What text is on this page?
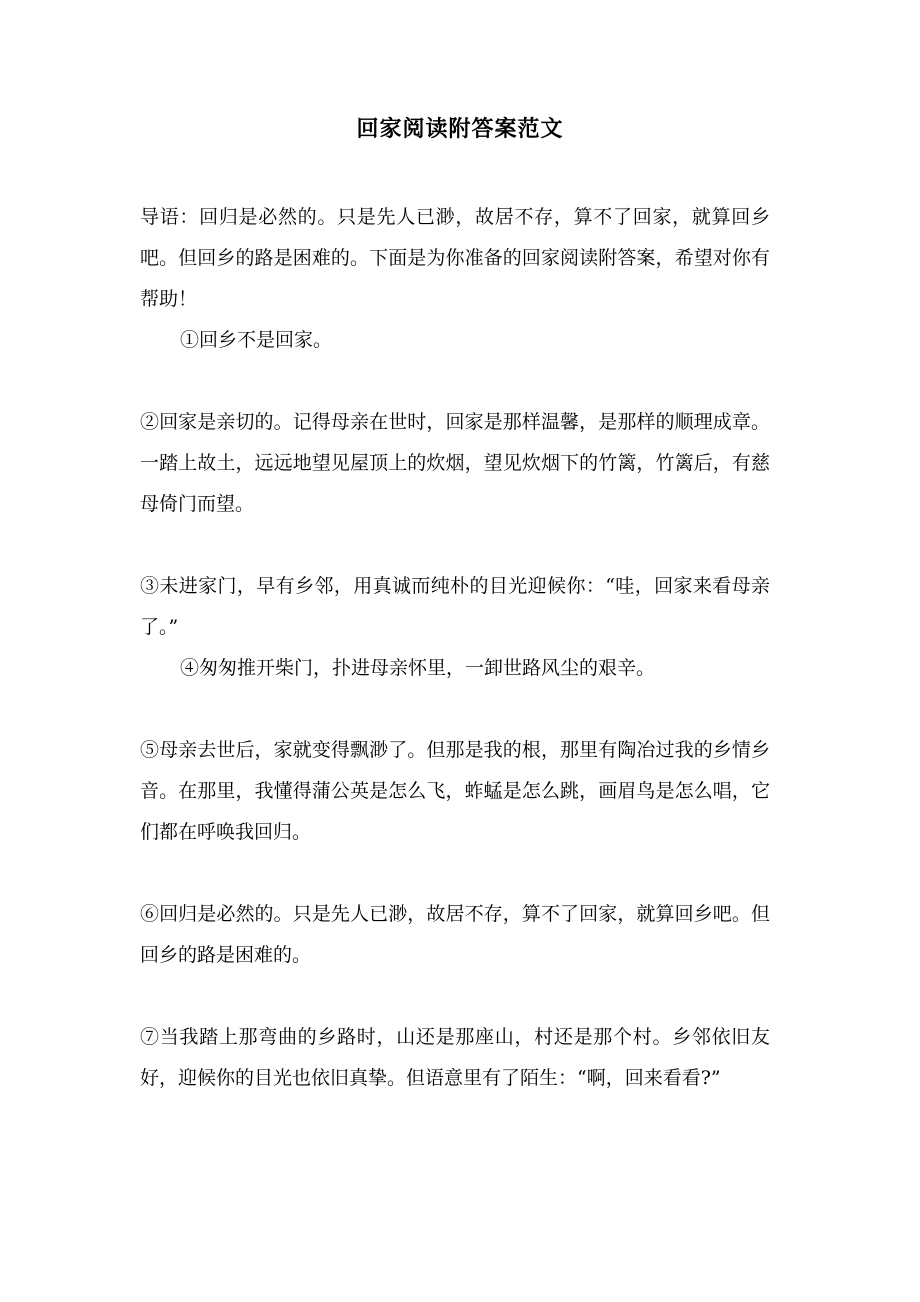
回家阅读附答案范文

导语：回归是必然的。只是先人已渺，故居不存，算不了回家，就算回乡吧。但回乡的路是困难的。下面是为你准备的回家阅读附答案，希望对你有帮助！

①回乡不是回家。

②回家是亲切的。记得母亲在世时，回家是那样温馨，是那样的顺理成章。一踏上故土，远远地望见屋顶上的炊烟，望见炊烟下的竹篱，竹篱后，有慈母倚门而望。

③未进家门，早有乡邻，用真诚而纯朴的目光迎候你：“哇，回家来看母亲了。”

④匆匆推开柴门，扑进母亲怀里，一卸世路风尘的艰辛。

⑤母亲去世后，家就变得飘渺了。但那是我的根，那里有陶冶过我的乡情乡音。在那里，我懂得蒲公英是怎么飞，蚱蜢是怎么跳，画眉鸟是怎么唱，它们都在呼唤我回归。

⑥回归是必然的。只是先人已渺，故居不存，算不了回家，就算回乡吧。但回乡的路是困难的。

⑦当我踏上那弯曲的乡路时，山还是那座山，村还是那个村。乡邻依旧友好，迎候你的目光也依旧真挚。但语意里有了陌生：“啊，回来看看?”
